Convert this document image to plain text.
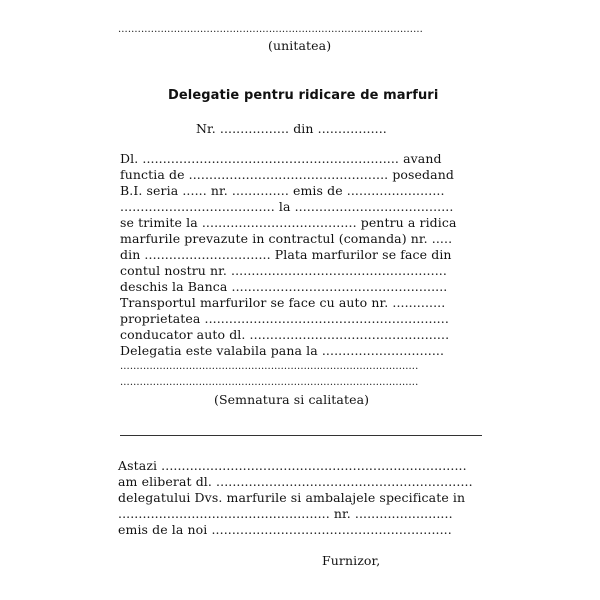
.............................................................................................
(unitatea)
Delegatie pentru ridicare de marfuri
Nr. ................. din .................
Dl. ............................................................... avand
functia de ................................................. posedand
B.I. seria ...... nr. .............. emis de ........................
...................................... la .......................................
se trimite la ...................................... pentru a ridica
marfurile prevazute in contractul (comanda) nr. .....
din ............................... Plata marfurilor se face din
contul nostru nr. .....................................................
deschis la Banca .....................................................
Transportul marfurilor se face cu auto nr. .............
proprietatea ............................................................
conducator auto dl. .................................................
Delegatia este valabila pana la ..............................
...........................................................................................
...........................................................................................
(Semnatura si calitatea)
Astazi ...........................................................................
am eliberat dl. ...............................................................
delegatului Dvs. marfurile si ambalajele specificate in
.................................................... nr. ........................
emis de la noi ...........................................................
Furnizor,
